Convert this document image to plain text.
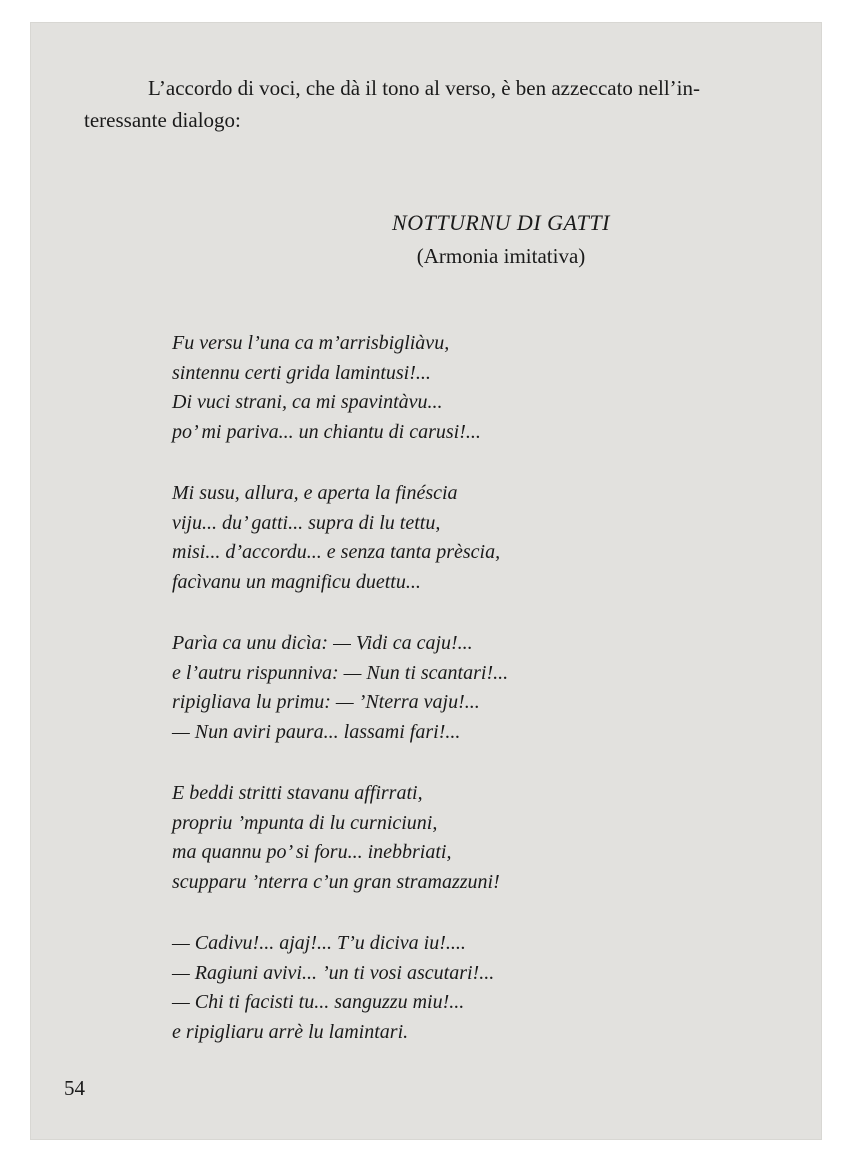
L’accordo di voci, che dà il tono al verso, è ben azzeccato nell’in-

teressante dialogo:

NOTTURNU DI GATTI
(Armonia imitativa)
Fu versu l’una ca m’arrisbigliàvu,
sintennu certi grida lamintusi!...
Di vuci strani, ca mi spavintàvu...
po’ mi pariva... un chiantu di carusi!...
Mi susu, allura, e aperta la finéscia
viju... du’ gatti... supra di lu tettu,
misi... d’accordu... e senza tanta prèscia,
facìvanu un magnificu duettu...
Parìa ca unu dicìa: — Vidi ca caju!...
e l’autru rispunniva: — Nun ti scantari!...
ripigliava lu primu: — ’Nterra vaju!...
— Nun aviri paura... lassami fari!...
E beddi stritti stavanu affirrati,
propriu ’mpunta di lu curniciuni,
ma quannu po’ si foru... inebbriati,
scupparu ’nterra c’un gran stramazzuni!
— Cadivu!... ajaj!... T’u diciva iu!....
— Ragiuni avivi... ’un ti vosi ascutari!...
— Chi ti facisti tu... sanguzzu miu!...
e ripigliaru arrè lu lamintari.
54
